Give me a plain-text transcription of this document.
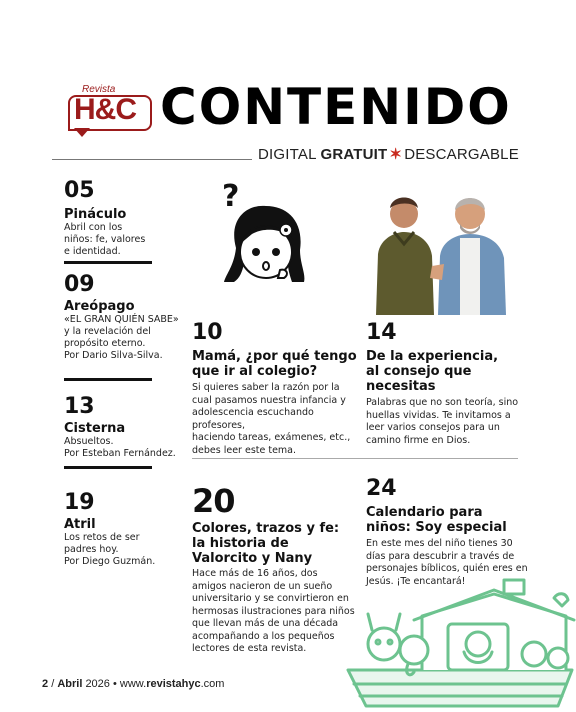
Revista
H&C CONTENIDO
DIGITAL GRATUIT ✶ DESCARGABLE
05
Pináculo
Abril con los
niños: fe, valores
e identidad.
09
Areópago
«EL GRAN QUIÉN SABE»
y la revelación del
propósito eterno.
Por Dario Silva-Silva.
13
Cisterna
Absueltos.
Por Esteban Fernández.
19
Atril
Los retos de ser
padres hoy.
Por Diego Guzmán.
?
10
Mamá, ¿por qué tengo
que ir al colegio?
Si quieres saber la razón por la
cual pasamos nuestra infancia y
adolescencia escuchando profesores,
haciendo tareas, exámenes, etc.,
debes leer este tema.
14
De la experiencia,
al consejo que
necesitas
Palabras que no son teoría, sino
huellas vividas. Te invitamos a
leer varios consejos para un
camino firme en Dios.
20
Colores, trazos y fe:
la historia de
Valorcito y Nany
Hace más de 16 años, dos
amigos nacieron de un sueño
universitario y se convirtieron en
hermosas ilustraciones para niños
que llevan más de una década
acompañando a los pequeños
lectores de esta revista.
24
Calendario para
niños: Soy especial
En este mes del niño tienes 30
días para descubrir a través de
personajes bíblicos, quién eres en
Jesús. ¡Te encantará!
2 / Abril 2026 • www.revistahyc.com
